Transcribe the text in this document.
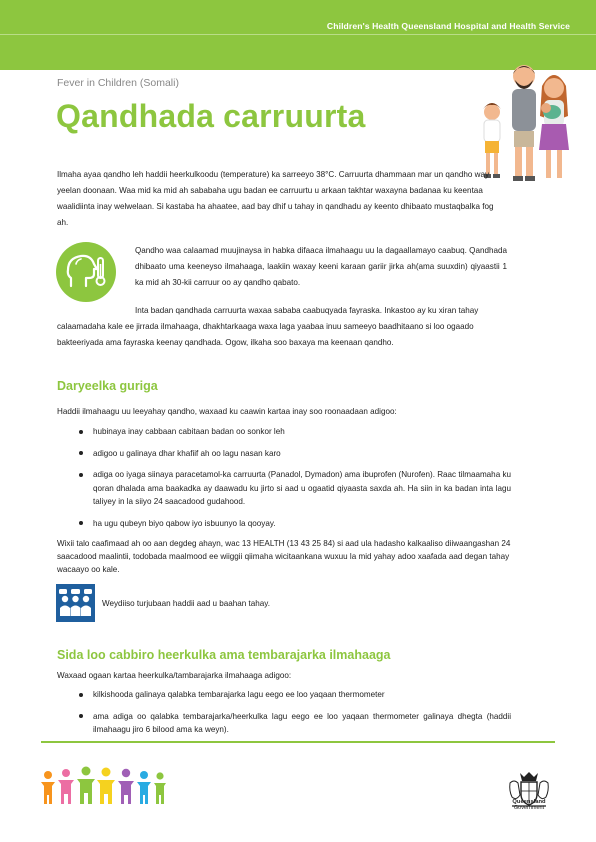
Children's Health Queensland Hospital and Health Service
Fever in Children (Somali)
Qandhada carruurta

Ilmaha ayaa qandho leh haddii heerkulkoodu (temperature) ka sarreeyo 38°C. Carruurta dhammaan mar un qandho way yeelan doonaan. Waa mid ka mid ah sababaha ugu badan ee carruurtu u arkaan takhtar waxayna badanaa ku keentaa waalidiinta inay welwelaan. Si kastaba ha ahaatee, aad bay dhif u tahay in qandhadu ay keento dhibaato mustaqbalka fog ah.

Qandho waa calaamad muujinaysa in habka difaaca ilmahaagu uu la dagaallamayo caabuq. Qandhada dhibaato uma keeneyso ilmahaaga, laakiin waxay keeni karaan gariir jirka ah(ama suuxdin) qiyaastii 1 ka mid ah 30-kii carruur oo ay qandho qabato.

Inta badan qandhada carruurta waxaa sababa caabuqyada fayraska. Inkastoo ay ku xiran tahay calaamadaha kale ee jirrada ilmahaaga, dhakhtarkaaga waxa laga yaabaa inuu sameeyo baadhitaano si loo ogaado bakteeriyada ama fayraska keenay qandhada. Ogow, ilkaha soo baxaya ma keenaan qandho.

Daryeelka guriga

Haddii ilmahaagu uu leeyahay qandho, waxaad ku caawin kartaa inay soo roonaadaan adigoo:

hubinaya inay cabbaan cabitaan badan oo sonkor leh
adigoo u galinaya dhar khafiif ah oo lagu nasan karo
adiga oo iyaga siinaya paracetamol-ka carruurta (Panadol, Dymadon) ama ibuprofen (Nurofen). Raac tilmaamaha ku qoran dhalada ama baakadka ay daawadu ku jirto si aad u ogaatid qiyaasta saxda ah. Ha siin in ka badan inta lagu taliyey in la siiyo 24 saacadood gudahood.
ha ugu qubeyn biyo qabow iyo isbuunyo la qooyay.

Wixii talo caafimaad ah oo aan degdeg ahayn, wac 13 HEALTH (13 43 25 84) si aad ula hadasho kalkaaliso diiwaangashan 24 saacadood maalintii, todobada maalmood ee wiiggii qiimaha wicitaankana wuxuu la mid yahay adoo xaafada aad degan tahay wacaayo oo kale.

Weydiiso turjubaan haddii aad u baahan tahay.
Sida loo cabbiro heerkulka ama tembarajarka ilmahaaga

Waxaad ogaan kartaa heerkulka/tambarajarka ilmahaaga adigoo:

kilkishooda galinaya qalabka tembarajarka lagu eego ee loo yaqaan thermometer
ama adiga oo qalabka tembarajarka/heerkulka lagu eego ee loo yaqaan thermometer galinaya dhegta (haddii ilmahaagu jiro 6 bilood ama ka weyn).
Queensland
Government
